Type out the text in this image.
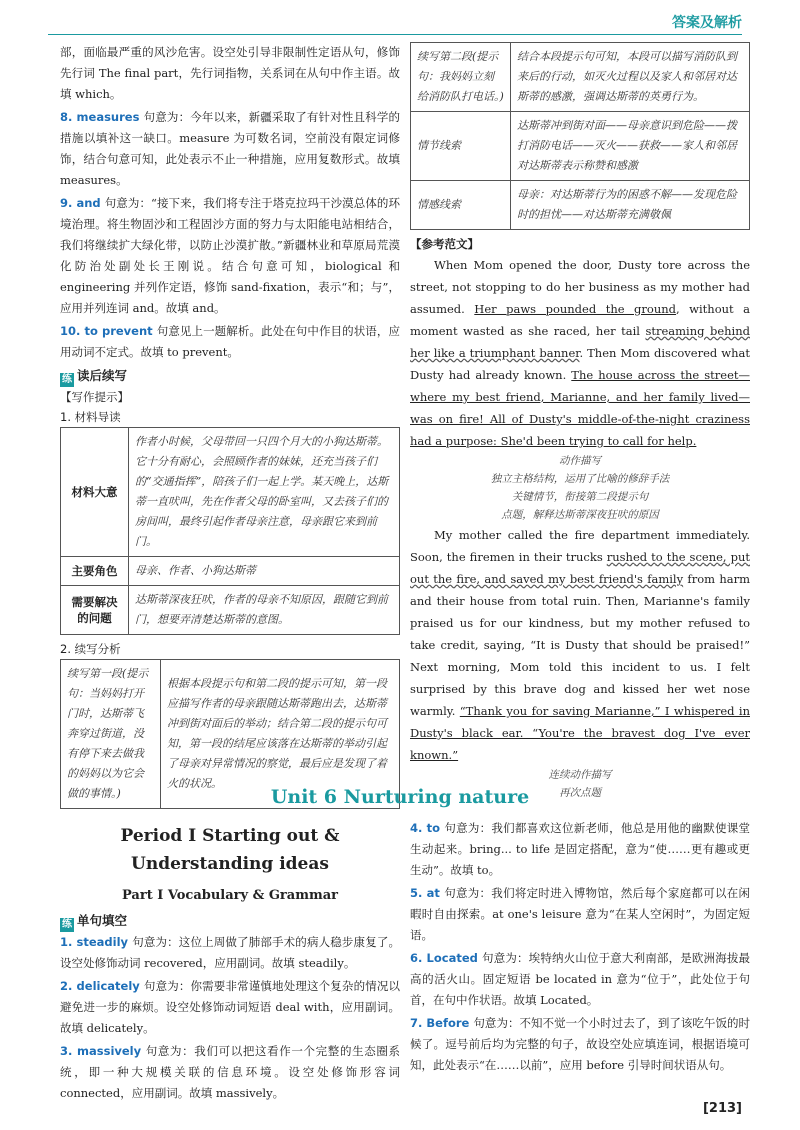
答案及解析
部，面临最严重的风沙危害。设空处引导非限制性定语从句，修饰先行词 The final part，先行词指物，关系词在从句中作主语。故填 which。
8. measures 句意为：今年以来，新疆采取了有针对性且科学的措施以填补这一缺口。measure 为可数名词，空前没有限定词修饰，结合句意可知，此处表示不止一种措施，应用复数形式。故填 measures。
9. and 句意为：“接下来，我们将专注于塔克拉玛干沙漠总体的环境治理。将生物固沙和工程固沙方面的努力与太阳能电站相结合，我们将继续扩大绿化带，以防止沙漠扩散。”新疆林业和草原局荒漠化防治处副处长王刚说。结合句意可知，biological 和 engineering 并列作定语，修饰 sand-fixation，表示“和；与”，应用并列连词 and。故填 and。
10. to prevent 句意见上一题解析。此处在句中作目的状语，应用动词不定式。故填 to prevent。
练 读后续写
【写作提示】
1. 材料导读
材料大意	作者小时候，父母带回一只四个月大的小狗达斯蒂。它十分有耐心，会照顾作者的妹妹，还充当孩子们的“交通指挥”，陪孩子们一起上学。某天晚上，达斯蒂一直吠叫，先在作者父母的卧室叫，又去孩子们的房间叫，最终引起作者母亲注意，母亲跟它来到前门。
主要角色	母亲、作者、小狗达斯蒂
需要解决的问题	达斯蒂深夜狂吠，作者的母亲不知原因，跟随它到前门，想要弄清楚达斯蒂的意图。
2. 续写分析
续写第一段(提示句：当妈妈打开门时，达斯蒂飞奔穿过街道，没有停下来去做我的妈妈以为它会做的事情。)	根据本段提示句和第二段的提示可知，第一段应描写作者的母亲跟随达斯蒂跑出去，达斯蒂冲到街对面后的举动；结合第二段的提示句可知，第一段的结尾应该落在达斯蒂的举动引起了母亲对异常情况的察觉，最后应是发现了着火的状况。
续写第二段(提示句：我妈妈立刻给消防队打电话。)	结合本段提示句可知，本段可以描写消防队到来后的行动，如灭火过程以及家人和邻居对达斯蒂的感激，强调达斯蒂的英勇行为。
情节线索	达斯蒂冲到街对面——母亲意识到危险——拨打消防电话——灭火——获救——家人和邻居对达斯蒂表示称赞和感激
情感线索	母亲：对达斯蒂行为的困惑不解——发现危险时的担忧——对达斯蒂充满敬佩
【参考范文】
When Mom opened the door, Dusty tore across the street, not stopping to do her business as my mother had assumed. Her paws pounded the ground, without a moment wasted as she raced, her tail streaming behind her like a triumphant banner. Then Mom discovered what Dusty had already known. The house across the street—where my best friend, Marianne, and her family lived—was on fire! All of Dusty's middle-of-the-night craziness had a purpose: She'd been trying to call for help.
动作描写
独立主格结构，运用了比喻的修辞手法
关键情节，衔接第二段提示句
点题，解释达斯蒂深夜狂吠的原因
My mother called the fire department immediately. Soon, the firemen in their trucks rushed to the scene, put out the fire, and saved my best friend's family from harm and their house from total ruin. Then, Marianne's family praised us for our kindness, but my mother refused to take credit, saying, “It is Dusty that should be praised!” Next morning, Mom told this incident to us. I felt surprised by this brave dog and kissed her wet nose warmly. “Thank you for saving Marianne,” I whispered in Dusty's black ear. “You're the bravest dog I've ever known.”
连续动作描写
再次点题
Unit 6 Nurturing nature
Period I Starting out &
Understanding ideas
Part I Vocabulary & Grammar
练 单句填空
1. steadily 句意为：这位上周做了肺部手术的病人稳步康复了。设空处修饰动词 recovered，应用副词。故填 steadily。
2. delicately 句意为：你需要非常谨慎地处理这个复杂的情况以避免进一步的麻烦。设空处修饰动词短语 deal with，应用副词。故填 delicately。
3. massively 句意为：我们可以把这看作一个完整的生态圈系统，即一种大规模关联的信息环境。设空处修饰形容词 connected，应用副词。故填 massively。
4. to 句意为：我们都喜欢这位新老师，他总是用他的幽默使课堂生动起来。bring... to life 是固定搭配，意为“使……更有趣或更生动”。故填 to。
5. at 句意为：我们将定时进入博物馆，然后每个家庭都可以在闲暇时自由探索。at one's leisure 意为“在某人空闲时”，为固定短语。
6. Located 句意为：埃特纳火山位于意大利南部，是欧洲海拔最高的活火山。固定短语 be located in 意为“位于”，此处位于句首，在句中作状语。故填 Located。
7. Before 句意为：不知不觉一个小时过去了，到了该吃午饭的时候了。逗号前后均为完整的句子，故设空处应填连词，根据语境可知，此处表示“在……以前”，应用 before 引导时间状语从句。
[213]
